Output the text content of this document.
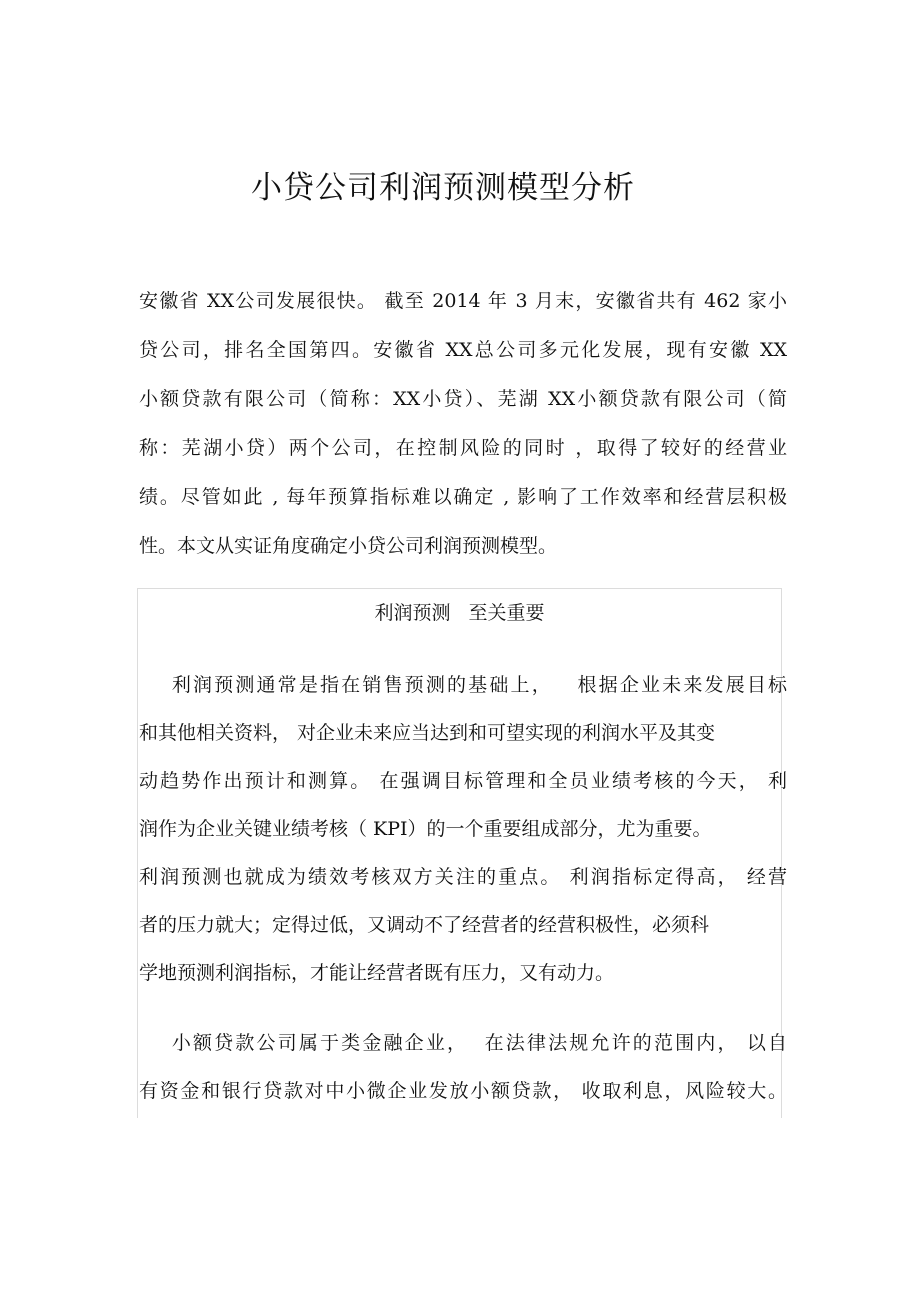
小贷公司利润预测模型分析
安徽省 XX公司发展很快。 截至 2014 年 3 月末，安徽省共有 462 家小
贷公司，排名全国第四。安徽省 XX总公司多元化发展，现有安徽 XX
小额贷款有限公司（简称：XX小贷）、芜湖 XX小额贷款有限公司（简
称：芜湖小贷）两个公司，在控制风险的同时 ，取得了较好的经营业
绩。尽管如此 , 每年预算指标难以确定 , 影响了工作效率和经营层积极
性。本文从实证角度确定小贷公司利润预测模型。
利润预测 至关重要
利润预测通常是指在销售预测的基础上，   根据企业未来发展目标
和其他相关资料， 对企业未来应当达到和可望实现的利润水平及其变
动趋势作出预计和测算。 在强调目标管理和全员业绩考核的今天， 利
润作为企业关键业绩考核（ KPI）的一个重要组成部分，尤为重要。
利润预测也就成为绩效考核双方关注的重点。 利润指标定得高， 经营
者的压力就大；定得过低，又调动不了经营者的经营积极性，必须科
学地预测利润指标，才能让经营者既有压力，又有动力。
小额贷款公司属于类金融企业，  在法律法规允许的范围内， 以自
有资金和银行贷款对中小微企业发放小额贷款， 收取利息，风险较大。
